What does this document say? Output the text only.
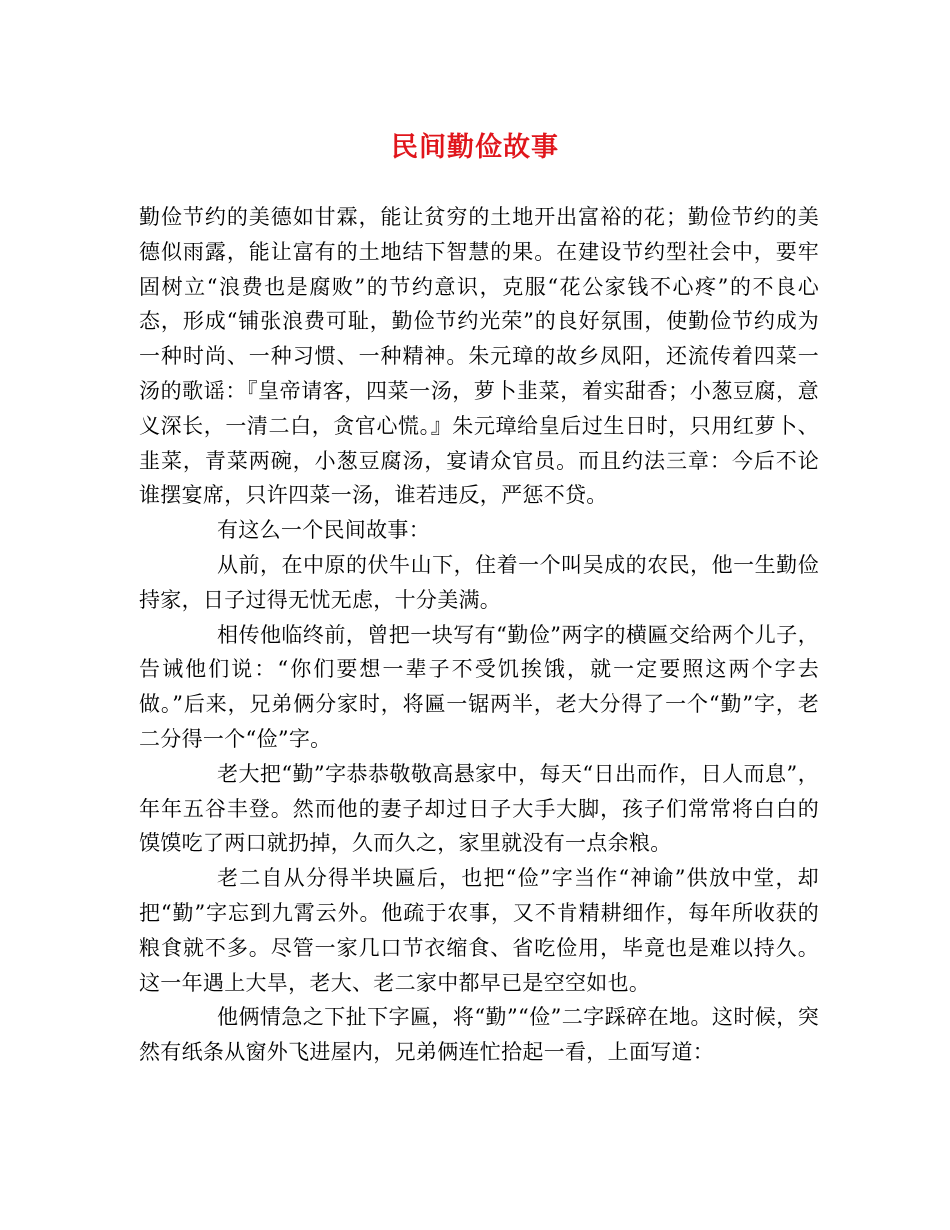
民间勤俭故事

勤俭节约的美德如甘霖，能让贫穷的土地开出富裕的花；勤俭节约的美德似雨露，能让富有的土地结下智慧的果。在建设节约型社会中，要牢固树立“浪费也是腐败”的节约意识，克服“花公家钱不心疼”的不良心态，形成“铺张浪费可耻，勤俭节约光荣”的良好氛围，使勤俭节约成为一种时尚、一种习惯、一种精神。朱元璋的故乡凤阳，还流传着四菜一汤的歌谣：『皇帝请客，四菜一汤，萝卜韭菜，着实甜香；小葱豆腐，意义深长，一清二白，贪官心慌。』朱元璋给皇后过生日时，只用红萝卜、韭菜，青菜两碗，小葱豆腐汤，宴请众官员。而且约法三章：今后不论谁摆宴席，只许四菜一汤，谁若违反，严惩不贷。

有这么一个民间故事：

从前，在中原的伏牛山下，住着一个叫吴成的农民，他一生勤俭持家，日子过得无忧无虑，十分美满。

相传他临终前，曾把一块写有“勤俭”两字的横匾交给两个儿子，告诫他们说：“你们要想一辈子不受饥挨饿，就一定要照这两个字去做。”后来，兄弟俩分家时，将匾一锯两半，老大分得了一个“勤”字，老二分得一个“俭”字。

老大把“勤”字恭恭敬敬高悬家中，每天“日出而作，日人而息”，年年五谷丰登。然而他的妻子却过日子大手大脚，孩子们常常将白白的馍馍吃了两口就扔掉，久而久之，家里就没有一点余粮。

老二自从分得半块匾后，也把“俭”字当作“神谕”供放中堂，却把“勤”字忘到九霄云外。他疏于农事，又不肯精耕细作，每年所收获的粮食就不多。尽管一家几口节衣缩食、省吃俭用，毕竟也是难以持久。这一年遇上大旱，老大、老二家中都早已是空空如也。

他俩情急之下扯下字匾，将“勤”“俭”二字踩碎在地。这时候，突然有纸条从窗外飞进屋内，兄弟俩连忙拾起一看，上面写道：
